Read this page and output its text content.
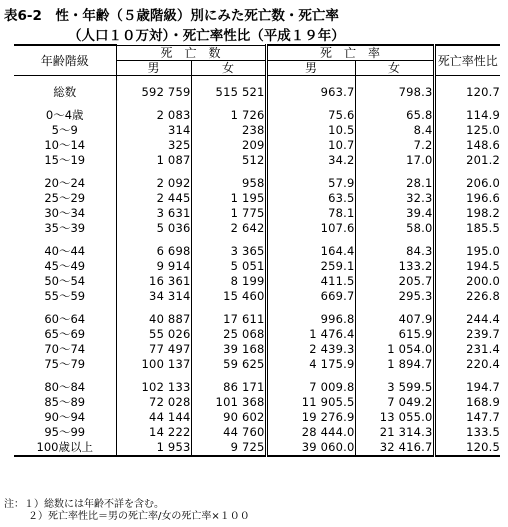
表6-2　性・年齢（５歳階級）別にみた死亡数・死亡率
（人口１０万対）・死亡率性比（平成１９年）
年齢階級	死　亡　数		死　亡　率		死亡率性比
	男	女	男	女	

総数	592 759	515 521	963.7	798.3	120.7

0～4歳	2 083	1 726	75.6	65.8	114.9
5～9	314	238	10.5	8.4	125.0
10～14	325	209	10.7	7.2	148.6
15～19	1 087	512	34.2	17.0	201.2

20～24	2 092	958	57.9	28.1	206.0
25～29	2 445	1 195	63.5	32.3	196.6
30～34	3 631	1 775	78.1	39.4	198.2
35～39	5 036	2 642	107.6	58.0	185.5

40～44	6 698	3 365	164.4	84.3	195.0
45～49	9 914	5 051	259.1	133.2	194.5
50～54	16 361	8 199	411.5	205.7	200.0
55～59	34 314	15 460	669.7	295.3	226.8

60～64	40 887	17 611	996.8	407.9	244.4
65～69	55 026	25 068	1 476.4	615.9	239.7
70～74	77 497	39 168	2 439.3	1 054.0	231.4
75～79	100 137	59 625	4 175.9	1 894.7	220.4

80～84	102 133	86 171	7 009.8	3 599.5	194.7
85～89	72 028	101 368	11 905.5	7 049.2	168.9
90～94	44 144	90 602	19 276.9	13 055.0	147.7
95～99	14 222	44 760	28 444.0	21 314.3	133.5
100歳以上	1 953	9 725	39 060.0	32 416.7	120.5
注：１）総数には年齢不詳を含む。
２）死亡率性比＝男の死亡率/女の死亡率×１００
